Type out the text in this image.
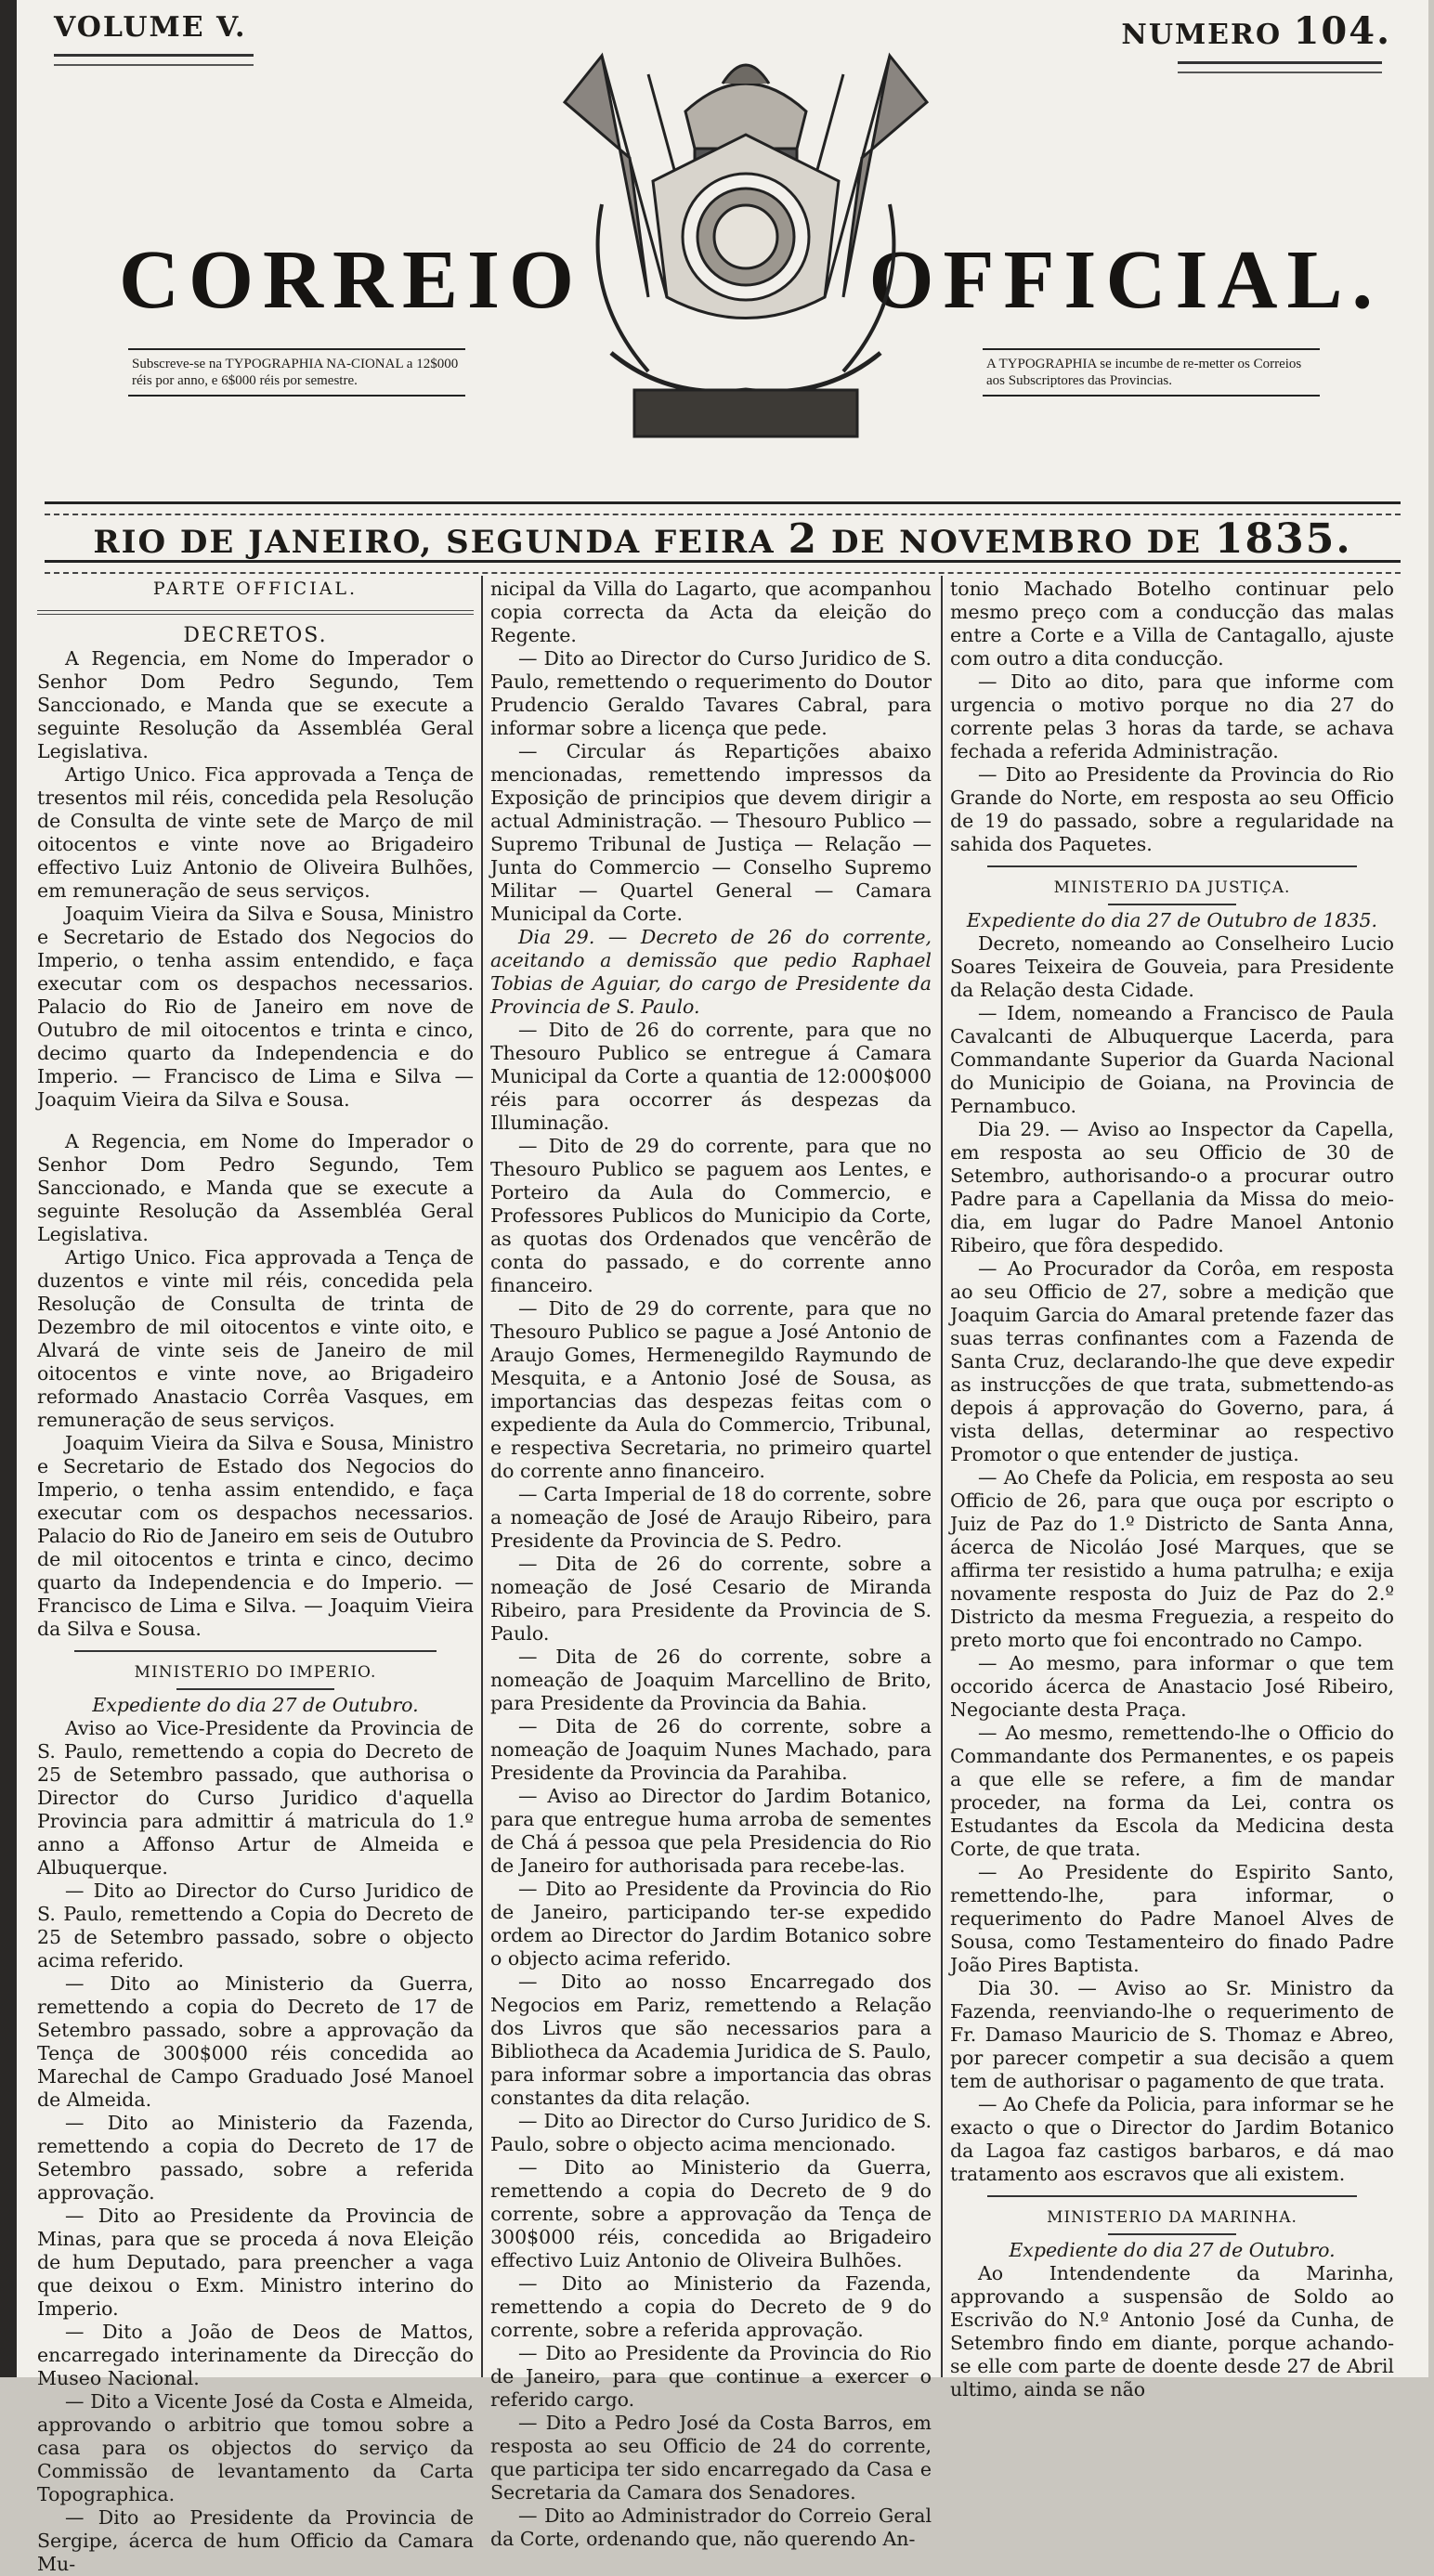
VOLUME V.	NUMERO 104.
CORREIO	OFFICIAL.
Subscreve-se na TYPOGRAPHIA NA-CIONAL a 12$000 réis por anno, e 6$000 réis por semestre.
A TYPOGRAPHIA se incumbe de re-metter os Correios aos Subscriptores das Provincias.
RIO DE JANEIRO, SEGUNDA FEIRA 2 DE NOVEMBRO DE 1835.

PARTE OFFICIAL.

DECRETOS.

A Regencia, em Nome do Imperador o Senhor Dom Pedro Segundo, Tem Sanccionado, e Manda que se execute a seguinte Resolução da Assembléa Geral Legislativa.

Artigo Unico. Fica approvada a Tença de tresentos mil réis, concedida pela Resolução de Consulta de vinte sete de Março de mil oitocentos e vinte nove ao Brigadeiro effectivo Luiz Antonio de Oliveira Bulhões, em remuneração de seus serviços.

Joaquim Vieira da Silva e Sousa, Ministro e Secretario de Estado dos Negocios do Imperio, o tenha assim entendido, e faça executar com os despachos necessarios. Palacio do Rio de Janeiro em nove de Outubro de mil oitocentos e trinta e cinco, decimo quarto da Independencia e do Imperio. — Francisco de Lima e Silva — Joaquim Vieira da Silva e Sousa.

A Regencia, em Nome do Imperador o Senhor Dom Pedro Segundo, Tem Sanccionado, e Manda que se execute a seguinte Resolução da Assembléa Geral Legislativa.

Artigo Unico. Fica approvada a Tença de duzentos e vinte mil réis, concedida pela Resolução de Consulta de trinta de Dezembro de mil oitocentos e vinte oito, e Alvará de vinte seis de Janeiro de mil oitocentos e vinte nove, ao Brigadeiro reformado Anastacio Corrêa Vasques, em remuneração de seus serviços.

Joaquim Vieira da Silva e Sousa, Ministro e Secretario de Estado dos Negocios do Imperio, o tenha assim entendido, e faça executar com os despachos necessarios. Palacio do Rio de Janeiro em seis de Outubro de mil oitocentos e trinta e cinco, decimo quarto da Independencia e do Imperio. — Francisco de Lima e Silva. — Joaquim Vieira da Silva e Sousa.

MINISTERIO DO IMPERIO.

Expediente do dia 27 de Outubro.

Aviso ao Vice-Presidente da Provincia de S. Paulo, remettendo a copia do Decreto de 25 de Setembro passado, que authorisa o Director do Curso Juridico d'aquella Provincia para admittir á matricula do 1.º anno a Affonso Artur de Almeida e Albuquerque.

— Dito ao Director do Curso Juridico de S. Paulo, remettendo a Copia do Decreto de 25 de Setembro passado, sobre o objecto acima referido.

— Dito ao Ministerio da Guerra, remettendo a copia do Decreto de 17 de Setembro passado, sobre a approvação da Tença de 300$000 réis concedida ao Marechal de Campo Graduado José Manoel de Almeida.

— Dito ao Ministerio da Fazenda, remettendo a copia do Decreto de 17 de Setembro passado, sobre a referida approvação.

— Dito ao Presidente da Provincia de Minas, para que se proceda á nova Eleição de hum Deputado, para preencher a vaga que deixou o Exm. Ministro interino do Imperio.

— Dito a João de Deos de Mattos, encarregado interinamente da Direcção do Museo Nacional.

— Dito a Vicente José da Costa e Almeida, approvando o arbitrio que tomou sobre a casa para os objectos do serviço da Commissão de levantamento da Carta Topographica.

— Dito ao Presidente da Provincia de Sergipe, ácerca de hum Officio da Camara Mu-

nicipal da Villa do Lagarto, que acompanhou copia correcta da Acta da eleição do Regente.

— Dito ao Director do Curso Juridico de S. Paulo, remettendo o requerimento do Doutor Prudencio Geraldo Tavares Cabral, para informar sobre a licença que pede.

— Circular ás Repartições abaixo mencionadas, remettendo impressos da Exposição de principios que devem dirigir a actual Administração. — Thesouro Publico — Supremo Tribunal de Justiça — Relação — Junta do Commercio — Conselho Supremo Militar — Quartel General — Camara Municipal da Corte.

Dia 29. — Decreto de 26 do corrente, aceitando a demissão que pedio Raphael Tobias de Aguiar, do cargo de Presidente da Provincia de S. Paulo.

— Dito de 26 do corrente, para que no Thesouro Publico se entregue á Camara Municipal da Corte a quantia de 12:000$000 réis para occorrer ás despezas da Illuminação.

— Dito de 29 do corrente, para que no Thesouro Publico se paguem aos Lentes, e Porteiro da Aula do Commercio, e Professores Publicos do Municipio da Corte, as quotas dos Ordenados que vencêrão de conta do passado, e do corrente anno financeiro.

— Dito de 29 do corrente, para que no Thesouro Publico se pague a José Antonio de Araujo Gomes, Hermenegildo Raymundo de Mesquita, e a Antonio José de Sousa, as importancias das despezas feitas com o expediente da Aula do Commercio, Tribunal, e respectiva Secretaria, no primeiro quartel do corrente anno financeiro.

— Carta Imperial de 18 do corrente, sobre a nomeação de José de Araujo Ribeiro, para Presidente da Provincia de S. Pedro.

— Dita de 26 do corrente, sobre a nomeação de José Cesario de Miranda Ribeiro, para Presidente da Provincia de S. Paulo.

— Dita de 26 do corrente, sobre a nomeação de Joaquim Marcellino de Brito, para Presidente da Provincia da Bahia.

— Dita de 26 do corrente, sobre a nomeação de Joaquim Nunes Machado, para Presidente da Provincia da Parahiba.

— Aviso ao Director do Jardim Botanico, para que entregue huma arroba de sementes de Chá á pessoa que pela Presidencia do Rio de Janeiro for authorisada para recebe-las.

— Dito ao Presidente da Provincia do Rio de Janeiro, participando ter-se expedido ordem ao Director do Jardim Botanico sobre o objecto acima referido.

— Dito ao nosso Encarregado dos Negocios em Pariz, remettendo a Relação dos Livros que são necessarios para a Bibliotheca da Academia Juridica de S. Paulo, para informar sobre a importancia das obras constantes da dita relação.

— Dito ao Director do Curso Juridico de S. Paulo, sobre o objecto acima mencionado.

— Dito ao Ministerio da Guerra, remettendo a copia do Decreto de 9 do corrente, sobre a approvação da Tença de 300$000 réis, concedida ao Brigadeiro effectivo Luiz Antonio de Oliveira Bulhões.

— Dito ao Ministerio da Fazenda, remettendo a copia do Decreto de 9 do corrente, sobre a referida approvação.

— Dito ao Presidente da Provincia do Rio de Janeiro, para que continue a exercer o referido cargo.

— Dito a Pedro José da Costa Barros, em resposta ao seu Officio de 24 do corrente, que participa ter sido encarregado da Casa e Secretaria da Camara dos Senadores.

— Dito ao Administrador do Correio Geral da Corte, ordenando que, não querendo An-

tonio Machado Botelho continuar pelo mesmo preço com a conducção das malas entre a Corte e a Villa de Cantagallo, ajuste com outro a dita conducção.

— Dito ao dito, para que informe com urgencia o motivo porque no dia 27 do corrente pelas 3 horas da tarde, se achava fechada a referida Administração.

— Dito ao Presidente da Provincia do Rio Grande do Norte, em resposta ao seu Officio de 19 do passado, sobre a regularidade na sahida dos Paquetes.

MINISTERIO DA JUSTIÇA.

Expediente do dia 27 de Outubro de 1835.

Decreto, nomeando ao Conselheiro Lucio Soares Teixeira de Gouveia, para Presidente da Relação desta Cidade.

— Idem, nomeando a Francisco de Paula Cavalcanti de Albuquerque Lacerda, para Commandante Superior da Guarda Nacional do Municipio de Goiana, na Provincia de Pernambuco.

Dia 29. — Aviso ao Inspector da Capella, em resposta ao seu Officio de 30 de Setembro, authorisando-o a procurar outro Padre para a Capellania da Missa do meio-dia, em lugar do Padre Manoel Antonio Ribeiro, que fôra despedido.

— Ao Procurador da Corôa, em resposta ao seu Officio de 27, sobre a medição que Joaquim Garcia do Amaral pretende fazer das suas terras confinantes com a Fazenda de Santa Cruz, declarando-lhe que deve expedir as instrucções de que trata, submettendo-as depois á approvação do Governo, para, á vista dellas, determinar ao respectivo Promotor o que entender de justiça.

— Ao Chefe da Policia, em resposta ao seu Officio de 26, para que ouça por escripto o Juiz de Paz do 1.º Districto de Santa Anna, ácerca de Nicoláo José Marques, que se affirma ter resistido a huma patrulha; e exija novamente resposta do Juiz de Paz do 2.º Districto da mesma Freguezia, a respeito do preto morto que foi encontrado no Campo.

— Ao mesmo, para informar o que tem occorido ácerca de Anastacio José Ribeiro, Negociante desta Praça.

— Ao mesmo, remettendo-lhe o Officio do Commandante dos Permanentes, e os papeis a que elle se refere, a fim de mandar proceder, na forma da Lei, contra os Estudantes da Escola da Medicina desta Corte, de que trata.

— Ao Presidente do Espirito Santo, remettendo-lhe, para informar, o requerimento do Padre Manoel Alves de Sousa, como Testamenteiro do finado Padre João Pires Baptista.

Dia 30. — Aviso ao Sr. Ministro da Fazenda, reenviando-lhe o requerimento de Fr. Damaso Mauricio de S. Thomaz e Abreo, por parecer competir a sua decisão a quem tem de authorisar o pagamento de que trata.

— Ao Chefe da Policia, para informar se he exacto o que o Director do Jardim Botanico da Lagoa faz castigos barbaros, e dá mao tratamento aos escravos que ali existem.

MINISTERIO DA MARINHA.

Expediente do dia 27 de Outubro.

Ao Intendendente da Marinha, approvando a suspensão de Soldo ao Escrivão do N.º Antonio José da Cunha, de Setembro findo em diante, porque achando-se elle com parte de doente desde 27 de Abril ultimo, ainda se não
